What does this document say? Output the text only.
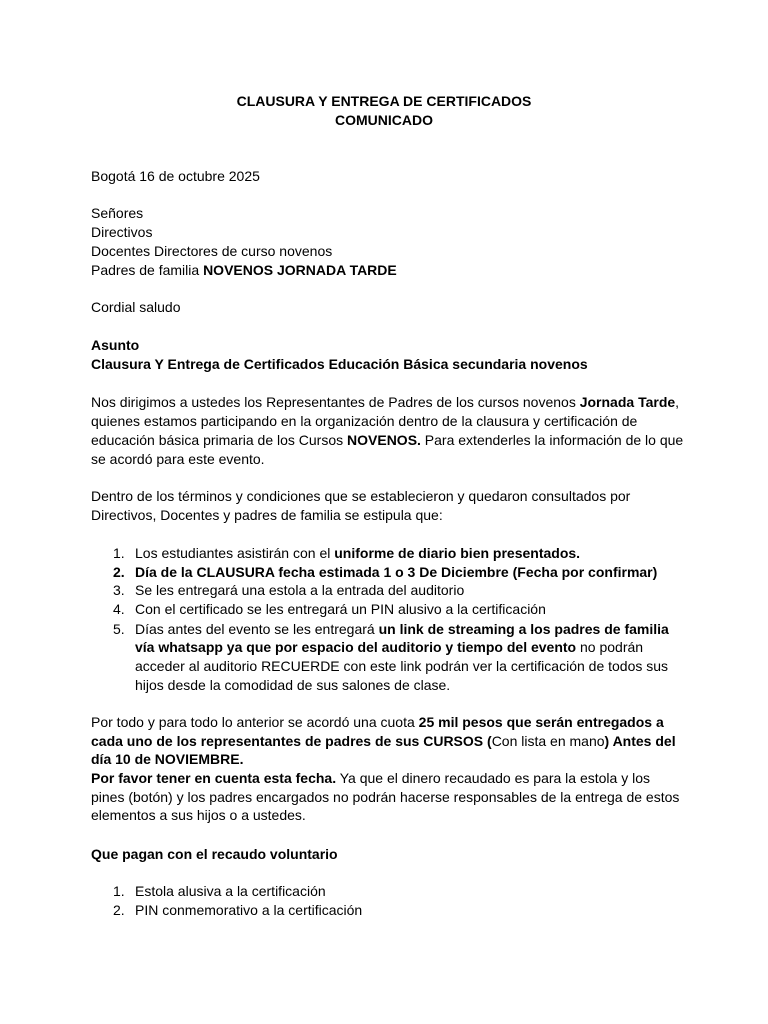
CLAUSURA Y ENTREGA DE CERTIFICADOS
COMUNICADO
Bogotá 16 de octubre 2025
Señores
Directivos
Docentes Directores de curso novenos
Padres de familia NOVENOS JORNADA TARDE
Cordial saludo
Asunto
Clausura Y Entrega de Certificados Educación Básica secundaria novenos
Nos dirigimos a ustedes los Representantes de Padres de los cursos novenos Jornada Tarde,
quienes estamos participando en la organización dentro de la clausura y certificación de
educación básica primaria de los Cursos NOVENOS. Para extenderles la información de lo que
se acordó para este evento.
Dentro de los términos y condiciones que se establecieron y quedaron consultados por
Directivos, Docentes y padres de familia se estipula que:
1. Los estudiantes asistirán con el uniforme de diario bien presentados.
2. Día de la CLAUSURA fecha estimada 1 o 3 De Diciembre (Fecha por confirmar)
3. Se les entregará una estola a la entrada del auditorio
4. Con el certificado se les entregará un PIN alusivo a la certificación
5. Días antes del evento se les entregará un link de streaming a los padres de familia
vía whatsapp ya que por espacio del auditorio y tiempo del evento no podrán
acceder al auditorio RECUERDE con este link podrán ver la certificación de todos sus
hijos desde la comodidad de sus salones de clase.
Por todo y para todo lo anterior se acordó una cuota 25 mil pesos que serán entregados a
cada uno de los representantes de padres de sus CURSOS (Con lista en mano) Antes del
día 10 de NOVIEMBRE.
Por favor tener en cuenta esta fecha. Ya que el dinero recaudado es para la estola y los
pines (botón) y los padres encargados no podrán hacerse responsables de la entrega de estos
elementos a sus hijos o a ustedes.
Que pagan con el recaudo voluntario
1. Estola alusiva a la certificación
2. PIN conmemorativo a la certificación
